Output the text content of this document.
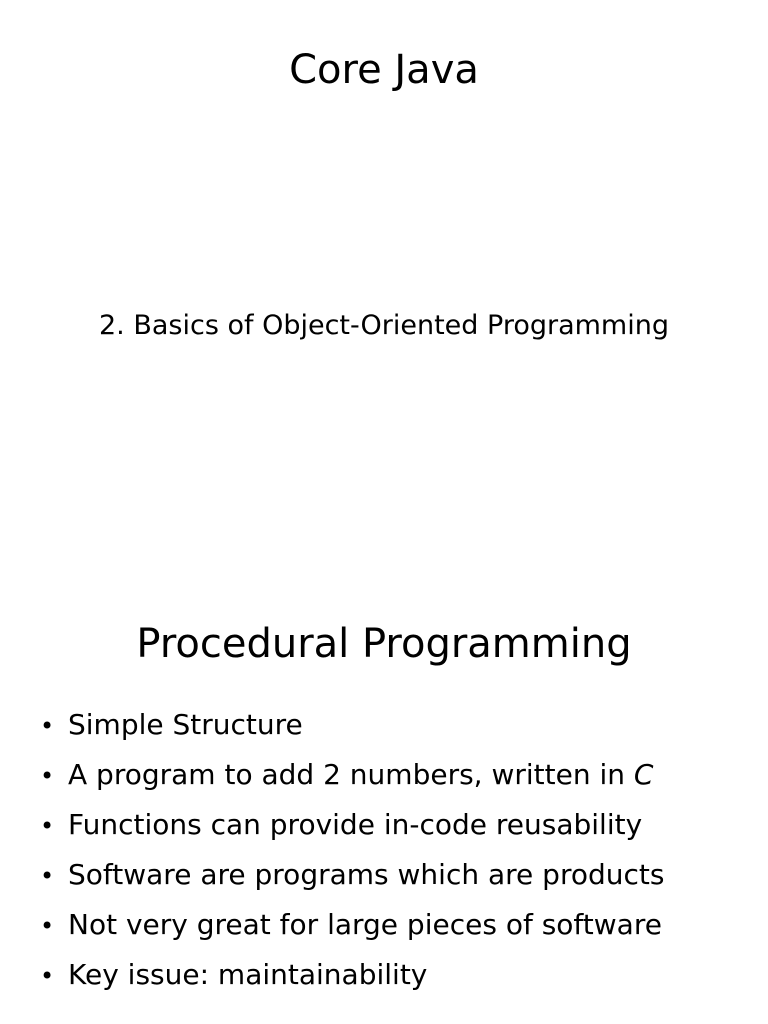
Core Java

2. Basics of Object-Oriented Programming

Procedural Programming
• Simple Structure
• A program to add 2 numbers, written in C
• Functions can provide in-code reusability
• Software are programs which are products
• Not very great for large pieces of software
• Key issue: maintainability
